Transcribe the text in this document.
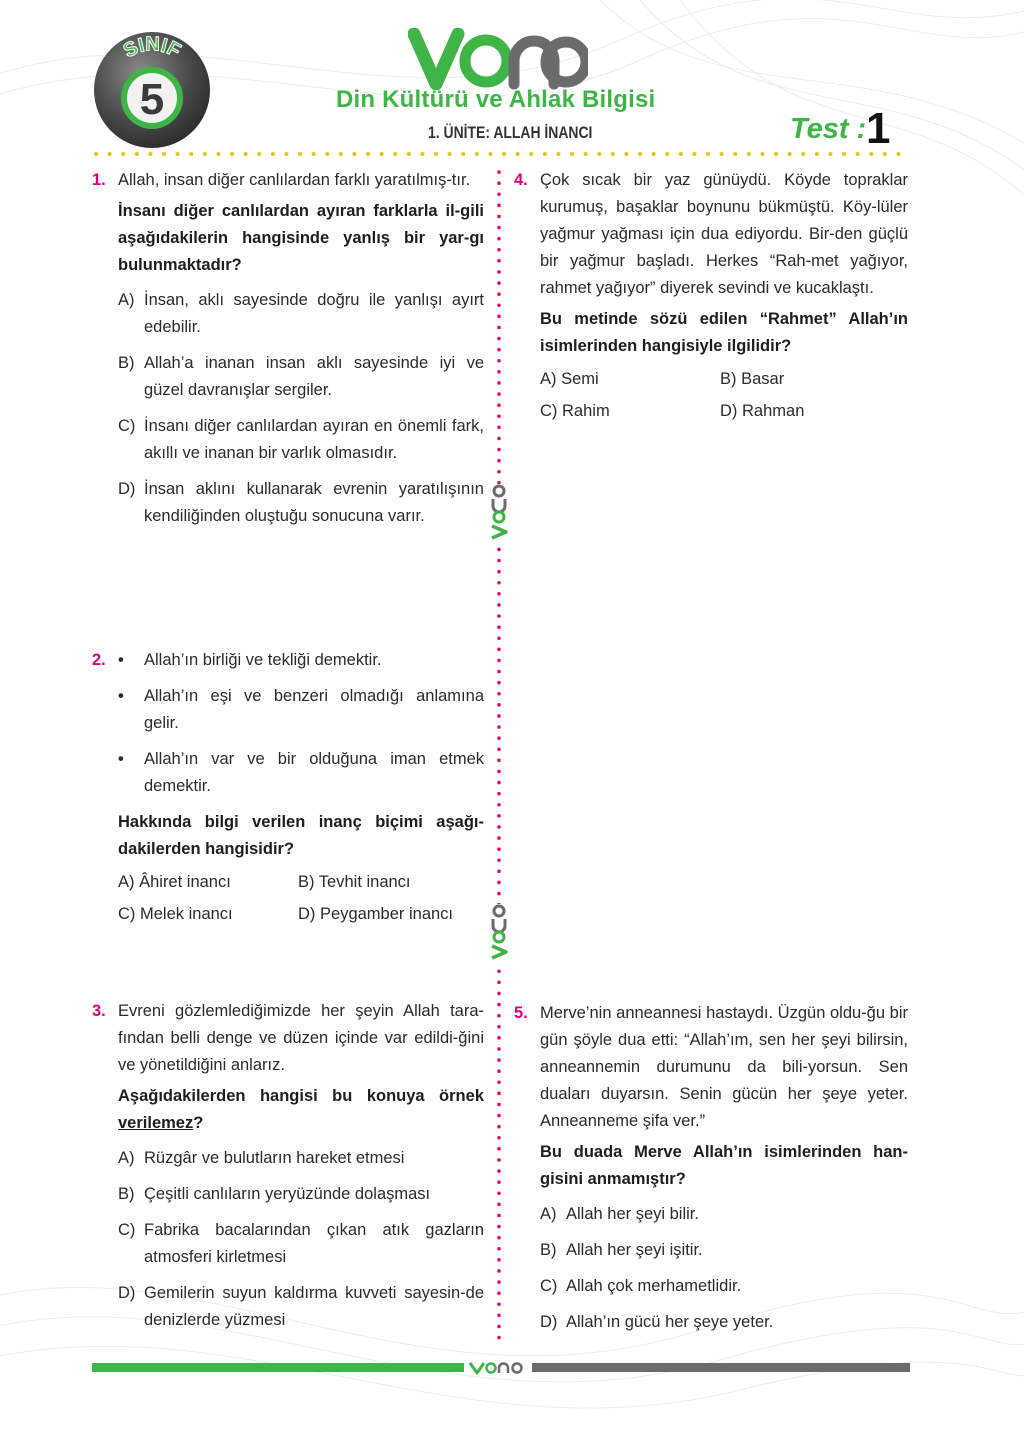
SINIF
5	Din Kültürü ve Ahlak Bilgisi
1. ÜNİTE: ALLAH İNANCI	Test : 1
1. Allah, insan diğer canlılardan farklı yaratılmış-tır.
İnsanı diğer canlılardan ayıran farklarla il-gili aşağıdakilerin hangisinde yanlış bir yar-gı bulunmaktadır?
A) İnsan, aklı sayesinde doğru ile yanlışı ayırt edebilir.
B) Allah’a inanan insan aklı sayesinde iyi ve güzel davranışlar sergiler.
C) İnsanı diğer canlılardan ayıran en önemli fark, akıllı ve inanan bir varlık olmasıdır.
D) İnsan aklını kullanarak evrenin yaratılışının kendiliğinden oluştuğu sonucuna varır.
2. • Allah’ın birliği ve tekliği demektir.
• Allah’ın eşi ve benzeri olmadığı anlamına gelir.
• Allah’ın var ve bir olduğuna iman etmek demektir.
Hakkında bilgi verilen inanç biçimi aşağı-dakilerden hangisidir?
A) Âhiret inancı	B) Tevhit inancı
C) Melek inancı	D) Peygamber inancı
3. Evreni gözlemlediğimizde her şeyin Allah tara-fından belli denge ve düzen içinde var edildi-ğini ve yönetildiğini anlarız.
Aşağıdakilerden hangisi bu konuya örnek verilemez?
A) Rüzgâr ve bulutların hareket etmesi
B) Çeşitli canlıların yeryüzünde dolaşması
C) Fabrika bacalarından çıkan atık gazların atmosferi kirletmesi
D) Gemilerin suyun kaldırma kuvveti sayesin-de denizlerde yüzmesi
4. Çok sıcak bir yaz günüydü. Köyde topraklar kurumuş, başaklar boynunu bükmüştü. Köy-lüler yağmur yağması için dua ediyordu. Bir-den güçlü bir yağmur başladı. Herkes “Rah-met yağıyor, rahmet yağıyor” diyerek sevindi ve kucaklaştı.
Bu metinde sözü edilen “Rahmet” Allah’ın isimlerinden hangisiyle ilgilidir?
A) Semi	B) Basar
C) Rahim	D) Rahman
5. Merve’nin anneannesi hastaydı. Üzgün oldu-ğu bir gün şöyle dua etti: “Allah’ım, sen her şeyi bilirsin, anneannemin durumunu da bili-yorsun. Sen duaları duyarsın. Senin gücün her şeye yeter. Anneanneme şifa ver.”
Bu duada Merve Allah’ın isimlerinden han-gisini anmamıştır?
A) Allah her şeyi bilir.
B) Allah her şeyi işitir.
C) Allah çok merhametlidir.
D) Allah’ın gücü her şeye yeter.
